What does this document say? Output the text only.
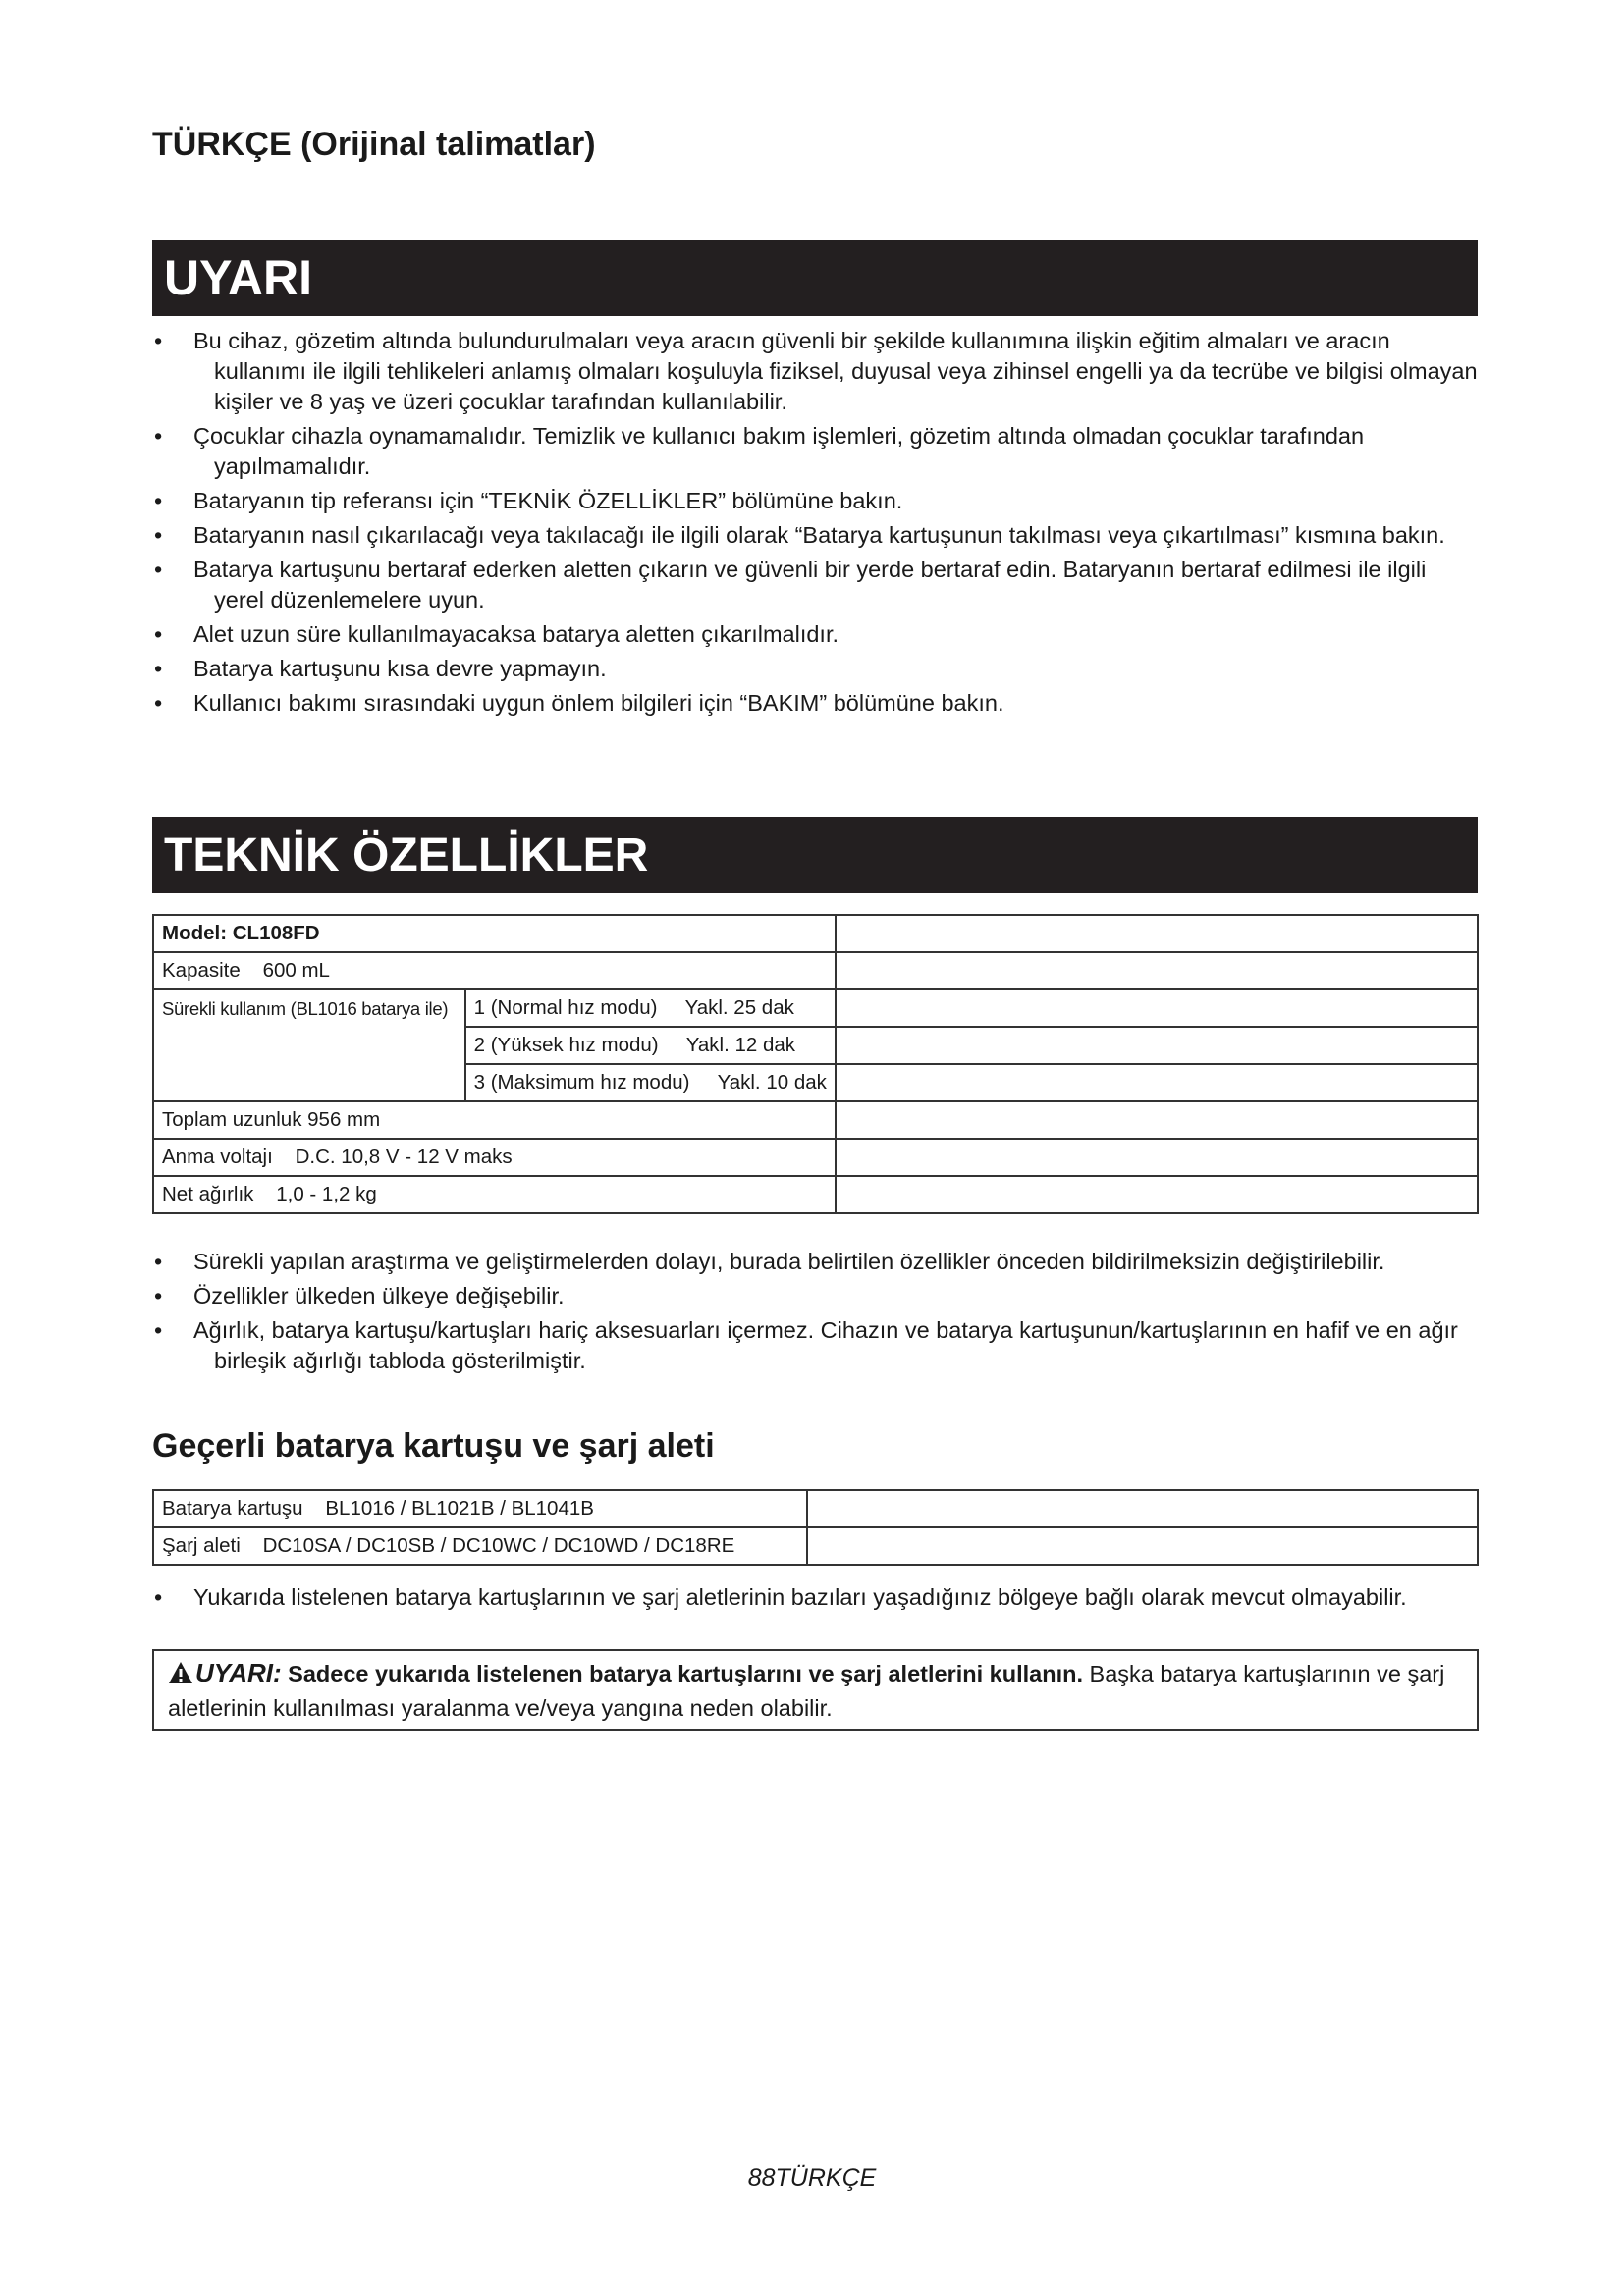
TÜRKÇE (Orijinal talimatlar)
UYARI
• Bu cihaz, gözetim altında bulundurulmaları veya aracın güvenli bir şekilde kullanımına ilişkin eğitim almaları ve aracın kullanımı ile ilgili tehlikeleri anlamış olmaları koşuluyla fiziksel, duyusal veya zihinsel engelli ya da tecrübe ve bilgisi olmayan kişiler ve 8 yaş ve üzeri çocuklar tarafından kullanılabilir.
• Çocuklar cihazla oynamamalıdır. Temizlik ve kullanıcı bakım işlemleri, gözetim altında olmadan çocuklar tarafından yapılmamalıdır.
• Bataryanın tip referansı için “TEKNİK ÖZELLİKLER” bölümüne bakın.
• Bataryanın nasıl çıkarılacağı veya takılacağı ile ilgili olarak “Batarya kartuşunun takılması veya çıkartılması” kısmına bakın.
• Batarya kartuşunu bertaraf ederken aletten çıkarın ve güvenli bir yerde bertaraf edin. Bataryanın bertaraf edilmesi ile ilgili yerel düzenlemelere uyun.
• Alet uzun süre kullanılmayacaksa batarya aletten çıkarılmalıdır.
• Batarya kartuşunu kısa devre yapmayın.
• Kullanıcı bakımı sırasındaki uygun önlem bilgileri için “BAKIM” bölümüne bakın.
TEKNİK ÖZELLİKLER
Model: CL108FD		
Kapasite 600 mL		
Sürekli kullanım (BL1016 batarya ile)	1 (Normal hız modu) Yakl. 25 dak	
	2 (Yüksek hız modu) Yakl. 12 dak	
	3 (Maksimum hız modu) Yakl. 10 dak	
Toplam uzunluk 956 mm		
Anma voltajı D.C. 10,8 V - 12 V maks		
Net ağırlık 1,0 - 1,2 kg		
• Sürekli yapılan araştırma ve geliştirmelerden dolayı, burada belirtilen özellikler önceden bildirilmeksizin değiştirilebilir.
• Özellikler ülkeden ülkeye değişebilir.
• Ağırlık, batarya kartuşu/kartuşları hariç aksesuarları içermez. Cihazın ve batarya kartuşunun/kartuşlarının en hafif ve en ağır birleşik ağırlığı tabloda gösterilmiştir.
Geçerli batarya kartuşu ve şarj aleti
Batarya kartuşu BL1016 / BL1021B / BL1041B	
Şarj aleti DC10SA / DC10SB / DC10WC / DC10WD / DC18RE	
• Yukarıda listelenen batarya kartuşlarının ve şarj aletlerinin bazıları yaşadığınız bölgeye bağlı olarak mevcut olmayabilir.
UYARI: Sadece yukarıda listelenen batarya kartuşlarını ve şarj aletlerini kullanın. Başka batarya kartuşlarının ve şarj aletlerinin kullanılması yaralanma ve/veya yangına neden olabilir.
88TÜRKÇE
